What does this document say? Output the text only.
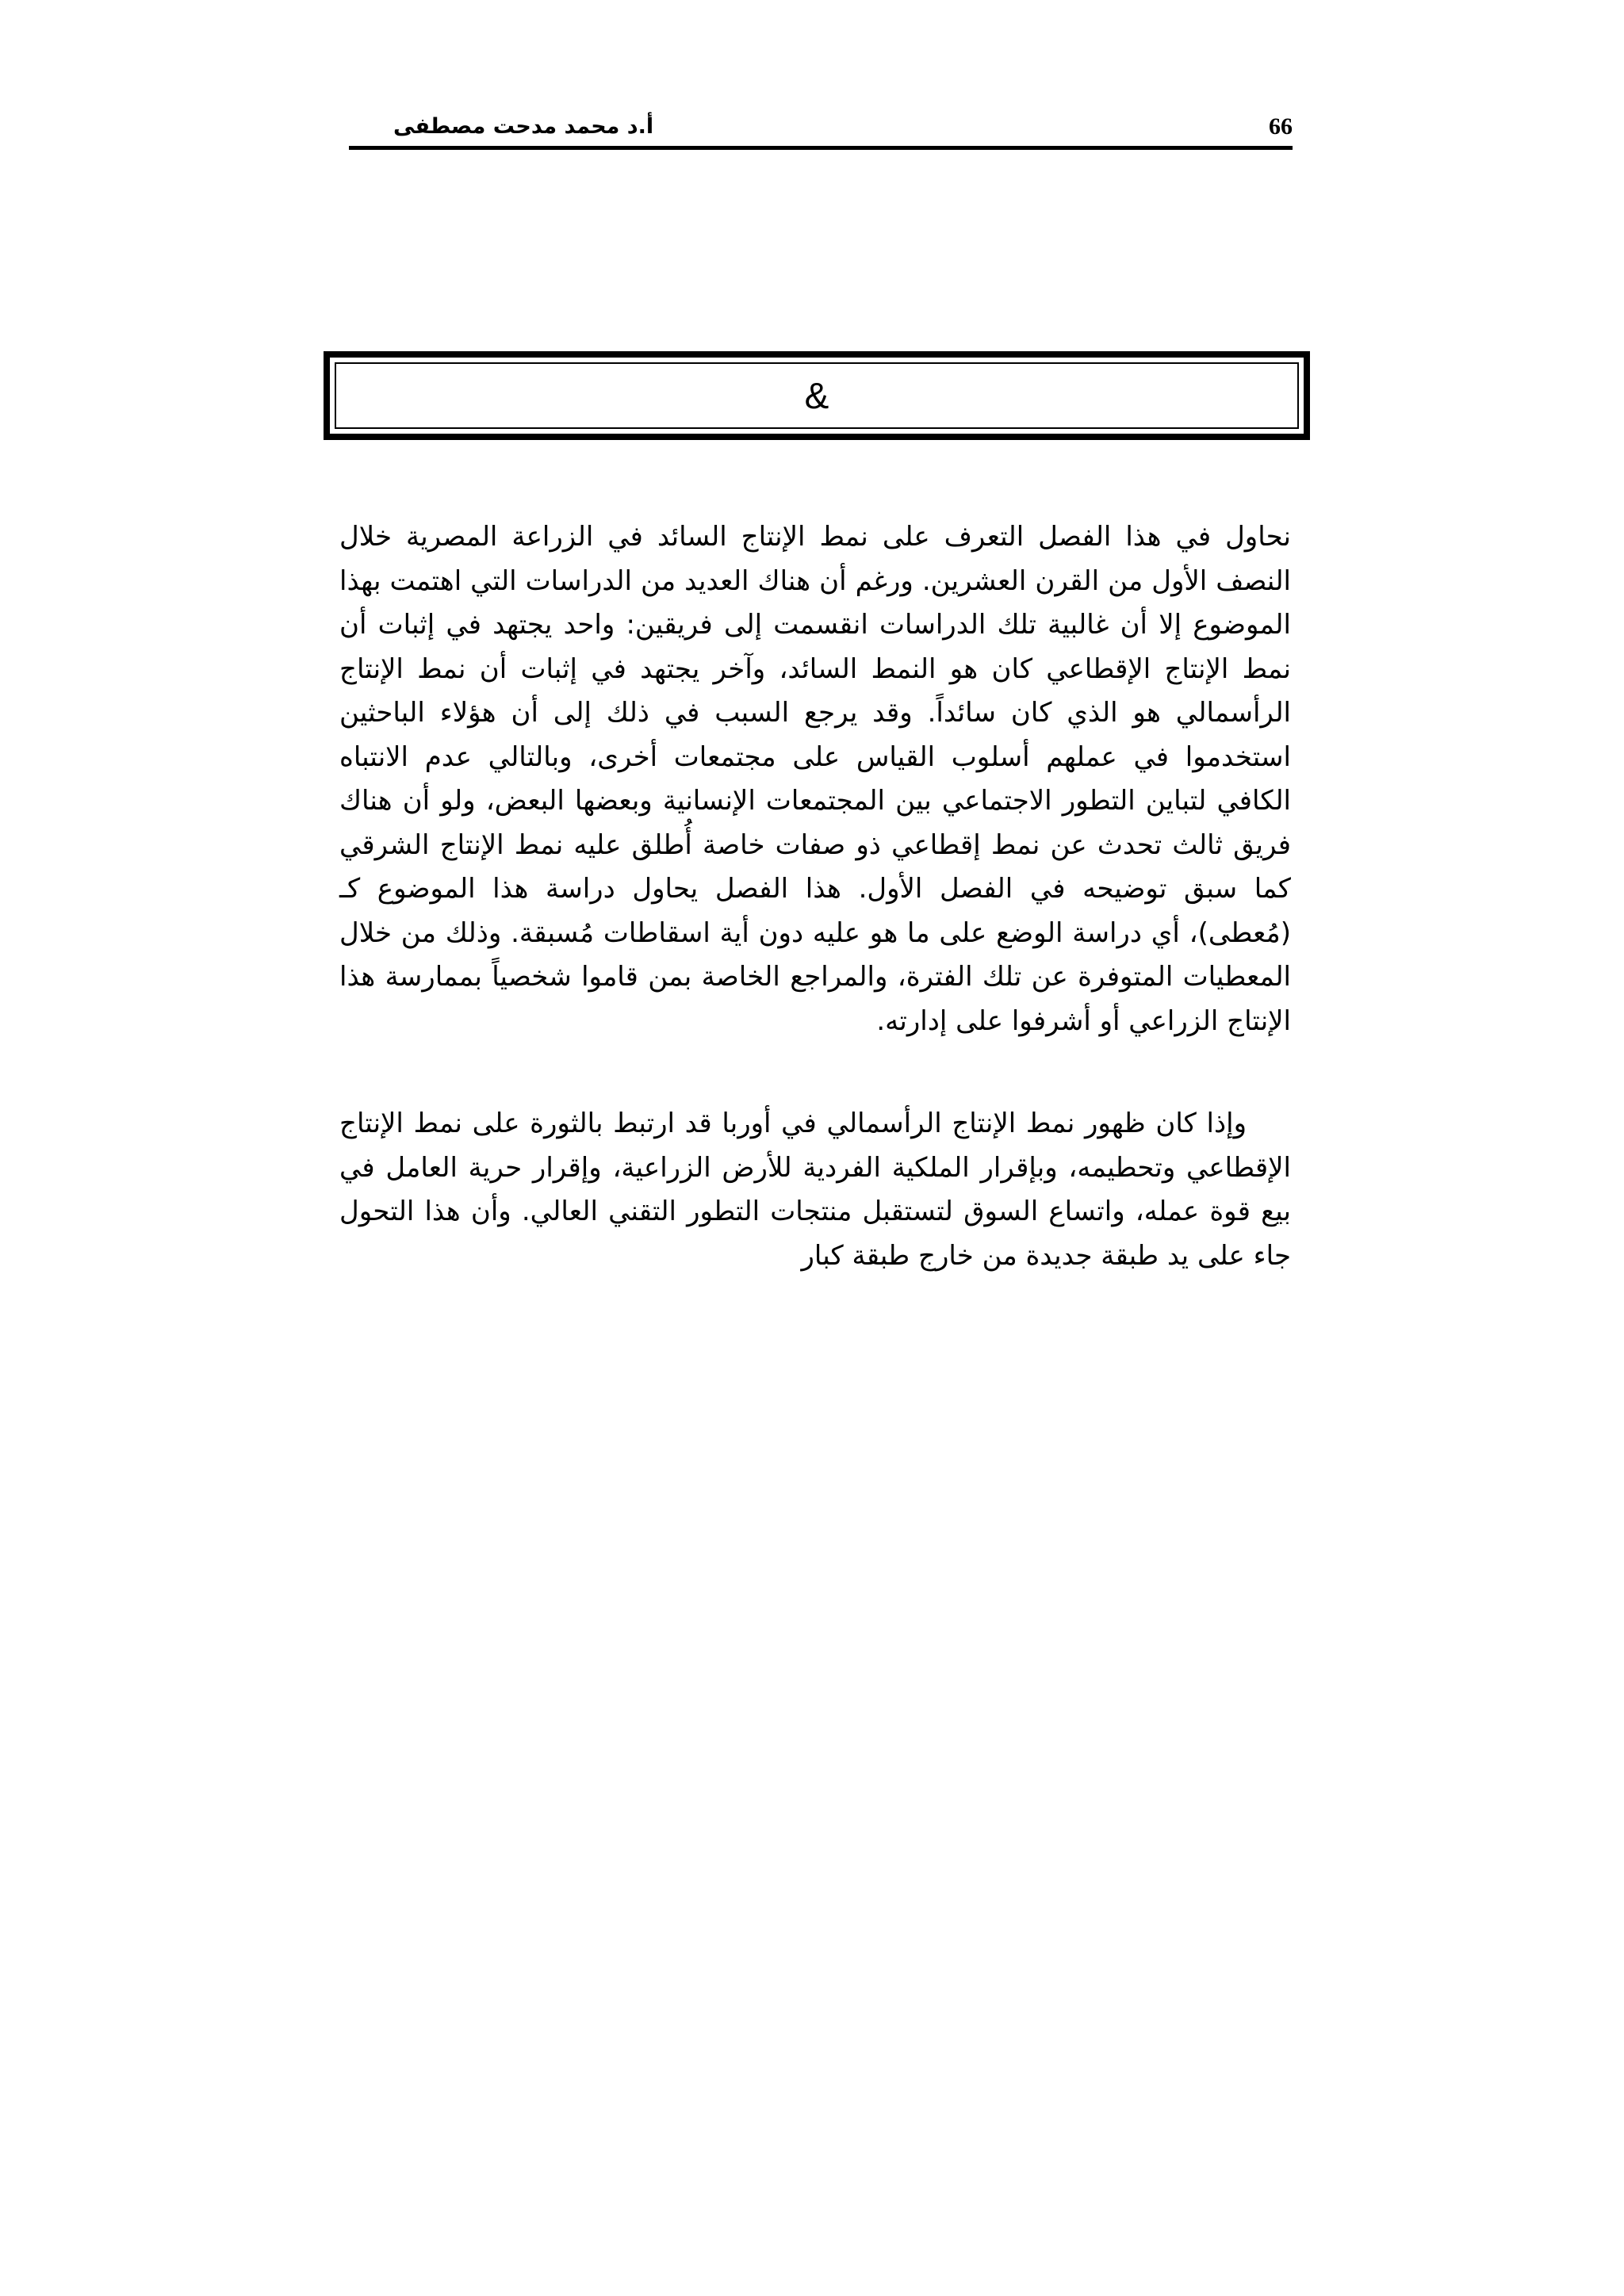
أ.د محمد مدحت مصطفى	66
&

نحاول في هذا الفصل التعرف على نمط الإنتاج السائد في الزراعة المصرية خلال النصف الأول من القرن العشرين. ورغم أن هناك العديد من الدراسات التي اهتمت بهذا الموضوع إلا أن غالبية تلك الدراسات انقسمت إلى فريقين: واحد يجتهد في إثبات أن نمط الإنتاج الإقطاعي كان هو النمط السائد، وآخر يجتهد في إثبات أن نمط الإنتاج الرأسمالي هو الذي كان سائداً. وقد يرجع السبب في ذلك إلى أن هؤلاء الباحثين استخدموا في عملهم أسلوب القياس على مجتمعات أخرى، وبالتالي عدم الانتباه الكافي لتباين التطور الاجتماعي بين المجتمعات الإنسانية وبعضها البعض، ولو أن هناك فريق ثالث تحدث عن نمط إقطاعي ذو صفات خاصة أُطلق عليه نمط الإنتاج الشرقي كما سبق توضيحه في الفصل الأول. هذا الفصل يحاول دراسة هذا الموضوع كـ (مُعطى)، أي دراسة الوضع على ما هو عليه دون أية اسقاطات مُسبقة. وذلك من خلال المعطيات المتوفرة عن تلك الفترة، والمراجع الخاصة بمن قاموا شخصياً بممارسة هذا الإنتاج الزراعي أو أشرفوا على إدارته.

وإذا كان ظهور نمط الإنتاج الرأسمالي في أوربا قد ارتبط بالثورة على نمط الإنتاج الإقطاعي وتحطيمه، وبإقرار الملكية الفردية للأرض الزراعية، وإقرار حرية العامل في بيع قوة عمله، واتساع السوق لتستقبل منتجات التطور التقني العالي. وأن هذا التحول جاء على يد طبقة جديدة من خارج طبقة كبار
